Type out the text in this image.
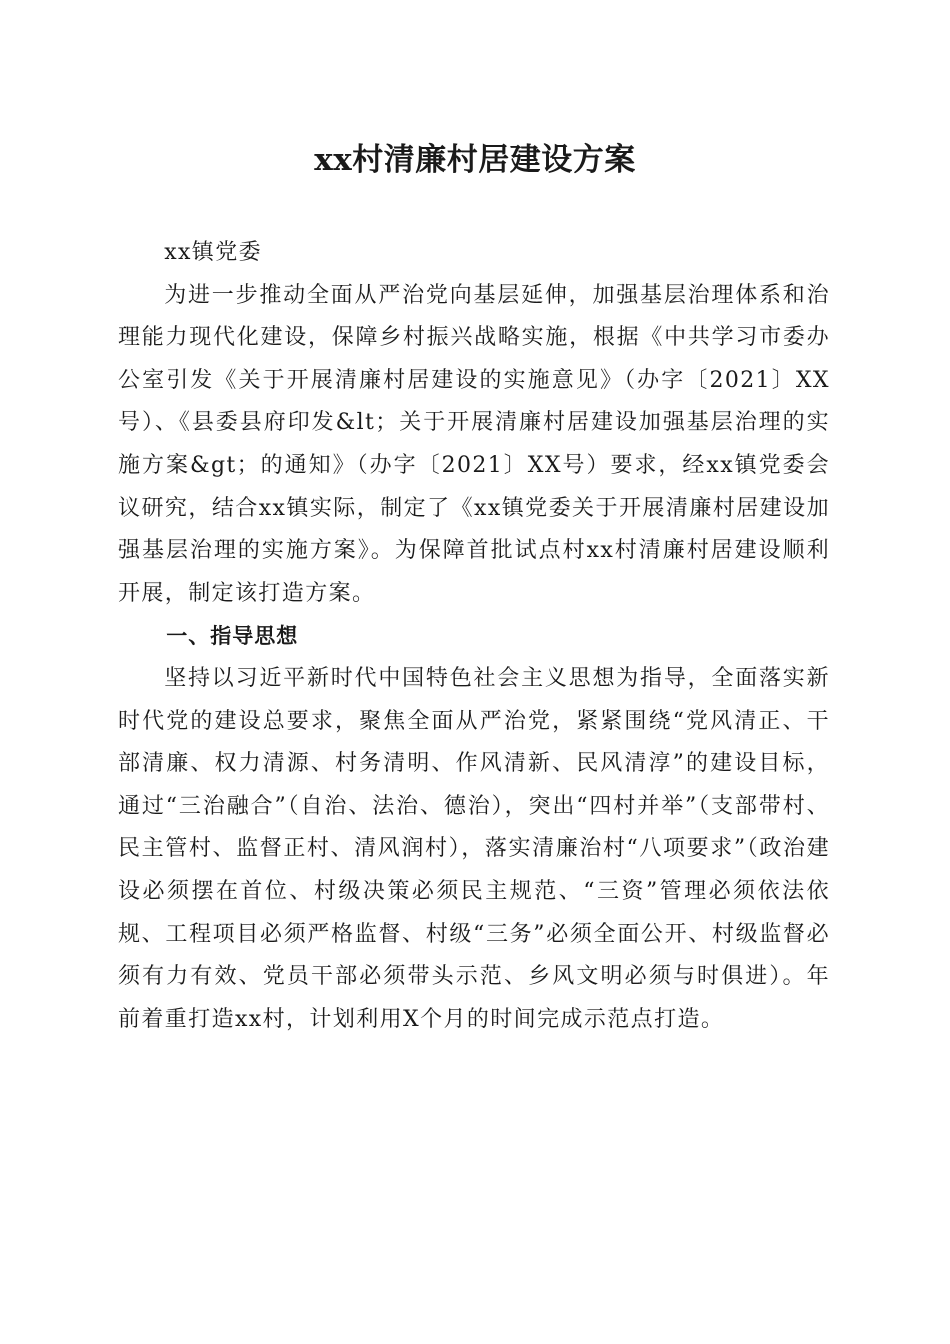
xx村清廉村居建设方案

xx镇党委

为进一步推动全面从严治党向基层延伸，加强基层治理体系和治理能力现代化建设，保障乡村振兴战略实施，根据《中共学习市委办公室引发《关于开展清廉村居建设的实施意见》（办字〔2021〕XX号）、《县委县府印发&lt；关于开展清廉村居建设加强基层治理的实施方案&gt；的通知》（办字〔2021〕XX号）要求，经xx镇党委会议研究，结合xx镇实际，制定了《xx镇党委关于开展清廉村居建设加强基层治理的实施方案》。为保障首批试点村xx村清廉村居建设顺利开展，制定该打造方案。

一、指导思想

坚持以习近平新时代中国特色社会主义思想为指导，全面落实新时代党的建设总要求，聚焦全面从严治党，紧紧围绕“党风清正、干部清廉、权力清源、村务清明、作风清新、民风清淳”的建设目标，通过“三治融合”（自治、法治、德治），突出“四村并举”（支部带村、民主管村、监督正村、清风润村），落实清廉治村“八项要求”（政治建设必须摆在首位、村级决策必须民主规范、“三资”管理必须依法依规、工程项目必须严格监督、村级“三务”必须全面公开、村级监督必须有力有效、党员干部必须带头示范、乡风文明必须与时俱进）。年前着重打造xx村，计划利用X个月的时间完成示范点打造。
